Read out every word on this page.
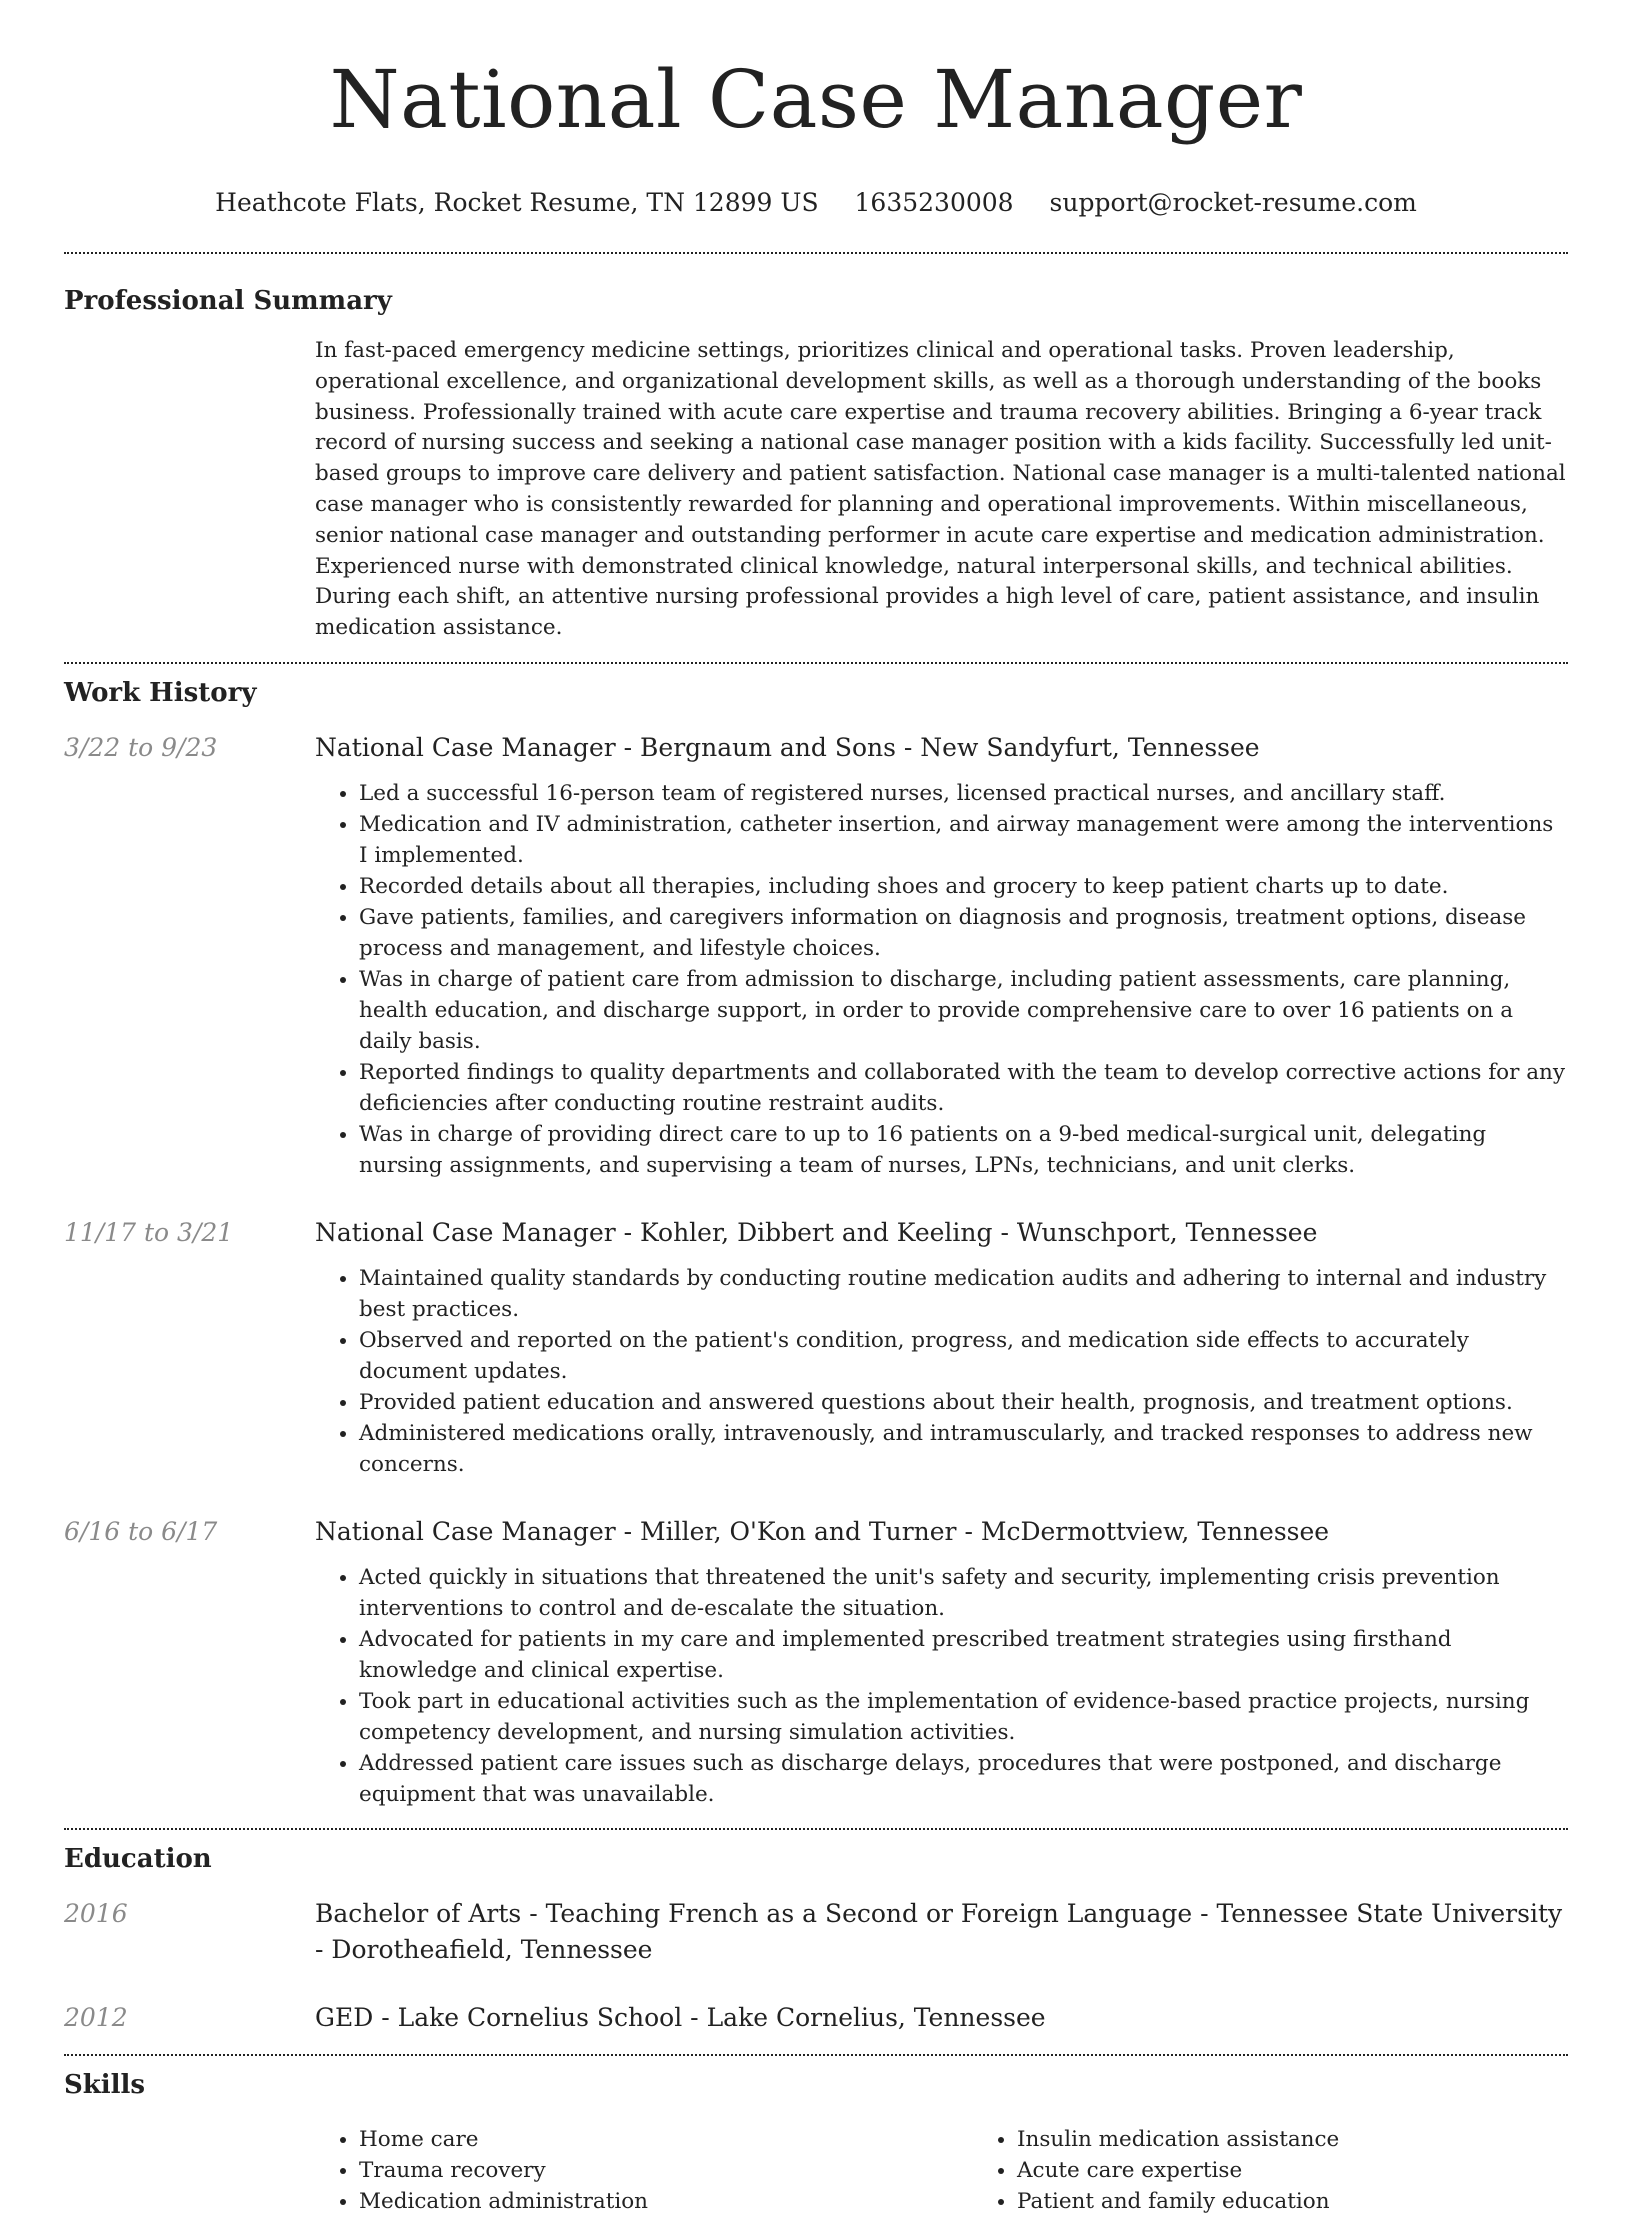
National Case Manager
Heathcote Flats, Rocket Resume, TN 12899 US 1635230008 support@rocket-resume.com
Professional Summary

In fast-paced emergency medicine settings, prioritizes clinical and operational tasks. Proven leadership, operational excellence, and organizational development skills, as well as a thorough understanding of the books business. Professionally trained with acute care expertise and trauma recovery abilities. Bringing a 6-year track record of nursing success and seeking a national case manager position with a kids facility. Successfully led unit-based groups to improve care delivery and patient satisfaction. National case manager is a multi-talented national case manager who is consistently rewarded for planning and operational improvements. Within miscellaneous, senior national case manager and outstanding performer in acute care expertise and medication administration. Experienced nurse with demonstrated clinical knowledge, natural interpersonal skills, and technical abilities. During each shift, an attentive nursing professional provides a high level of care, patient assistance, and insulin medication assistance.

Work History
3/22 to 9/23	National Case Manager - Bergnaum and Sons - New Sandyfurt, Tennessee

• Led a successful 16-person team of registered nurses, licensed practical nurses, and ancillary staff.
• Medication and IV administration, catheter insertion, and airway management were among the interventions I implemented.
• Recorded details about all therapies, including shoes and grocery to keep patient charts up to date.
• Gave patients, families, and caregivers information on diagnosis and prognosis, treatment options, disease process and management, and lifestyle choices.
• Was in charge of patient care from admission to discharge, including patient assessments, care planning, health education, and discharge support, in order to provide comprehensive care to over 16 patients on a daily basis.
• Reported findings to quality departments and collaborated with the team to develop corrective actions for any deficiencies after conducting routine restraint audits.
• Was in charge of providing direct care to up to 16 patients on a 9-bed medical-surgical unit, delegating nursing assignments, and supervising a team of nurses, LPNs, technicians, and unit clerks.
11/17 to 3/21	National Case Manager - Kohler, Dibbert and Keeling - Wunschport, Tennessee

• Maintained quality standards by conducting routine medication audits and adhering to internal and industry best practices.
• Observed and reported on the patient's condition, progress, and medication side effects to accurately document updates.
• Provided patient education and answered questions about their health, prognosis, and treatment options.
• Administered medications orally, intravenously, and intramuscularly, and tracked responses to address new concerns.
6/16 to 6/17	National Case Manager - Miller, O'Kon and Turner - McDermottview, Tennessee

• Acted quickly in situations that threatened the unit's safety and security, implementing crisis prevention interventions to control and de-escalate the situation.
• Advocated for patients in my care and implemented prescribed treatment strategies using firsthand knowledge and clinical expertise.
• Took part in educational activities such as the implementation of evidence-based practice projects, nursing competency development, and nursing simulation activities.
• Addressed patient care issues such as discharge delays, procedures that were postponed, and discharge equipment that was unavailable.
Education
2016	Bachelor of Arts - Teaching French as a Second or Foreign Language - Tennessee State University - Dorotheafield, Tennessee

2012	GED - Lake Cornelius School - Lake Cornelius, Tennessee

Skills
• Home care
• Trauma recovery
• Medication administration
• Insulin medication assistance
• Acute care expertise
• Patient and family education
